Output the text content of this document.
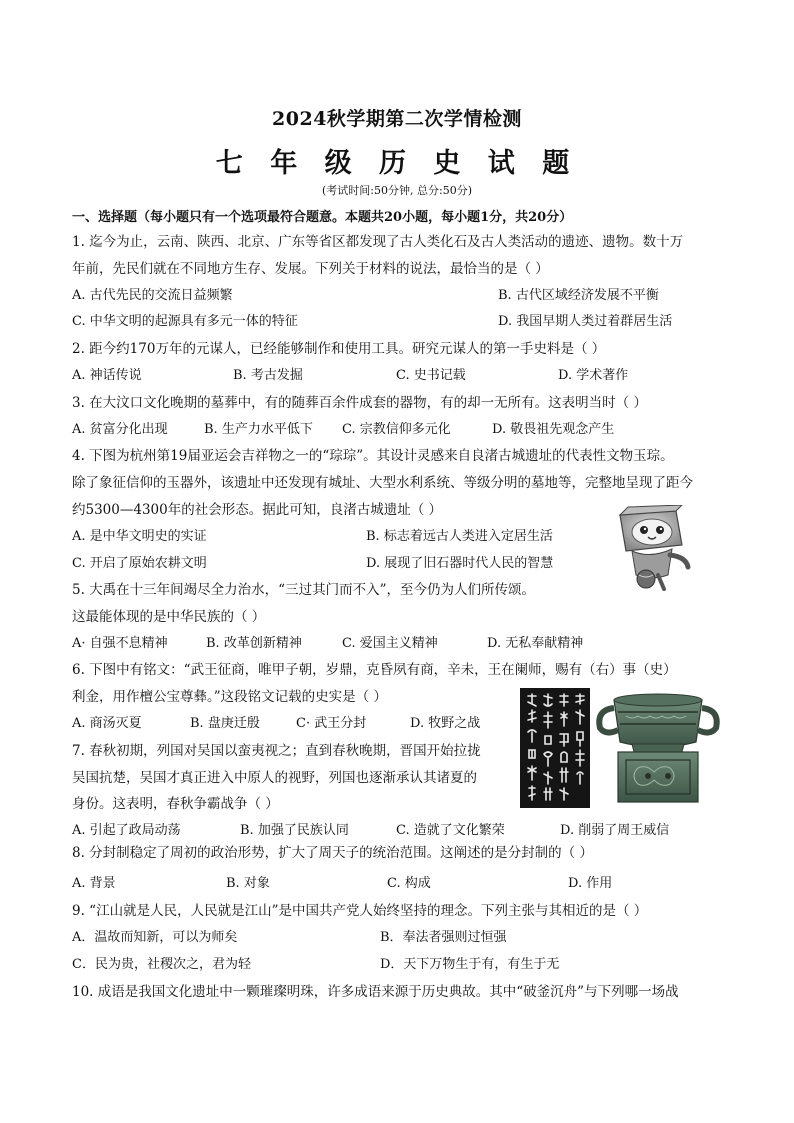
2024秋学期第二次学情检测
七 年 级 历 史 试 题
(考试时间:50分钟, 总分:50分)
一、选择题（每小题只有一个选项最符合题意。本题共20小题，每小题1分，共20分）
1. 迄今为止，云南、陕西、北京、广东等省区都发现了古人类化石及古人类活动的遗迹、遗物。数十万
年前，先民们就在不同地方生存、发展。下列关于材料的说法，最恰当的是（ ）
A. 古代先民的交流日益频繁	B. 古代区域经济发展不平衡
C. 中华文明的起源具有多元一体的特征	D. 我国早期人类过着群居生活
2. 距今约170万年的元谋人，已经能够制作和使用工具。研究元谋人的第一手史料是（ ）
A. 神话传说	B. 考古发掘	C. 史书记载	D. 学术著作
3. 在大汶口文化晚期的墓葬中，有的随葬百余件成套的器物，有的却一无所有。这表明当时（ ）
A. 贫富分化出现	B. 生产力水平低下 C. 宗教信仰多元化	D. 敬畏祖先观念产生
4. 下图为杭州第19届亚运会吉祥物之一的“琮琮”。其设计灵感来自良渚古城遗址的代表性文物玉琮。
除了象征信仰的玉器外，该遗址中还发现有城址、大型水利系统、等级分明的墓地等，完整地呈现了距今
约5300—4300年的社会形态。据此可知，良渚古城遗址（ ）
A. 是中华文明史的实证	B. 标志着远古人类进入定居生活
C. 开启了原始农耕文明	D. 展现了旧石器时代人民的智慧
5. 大禹在十三年间竭尽全力治水，“三过其门而不入”，至今仍为人们所传颂。
这最能体现的是中华民族的（ ）
A· 自强不息精神	B. 改革创新精神	C. 爱国主义精神	D. 无私奉献精神
6. 下图中有铭文：“武王征商，唯甲子朝，岁鼎，克昏夙有商，辛未，王在阑师，赐有（右）事（史）
利金，用作檀公宝尊彝。”这段铭文记载的史实是（ ）
A. 商汤灭夏	B. 盘庚迁殷	C· 武王分封	D. 牧野之战
7. 春秋初期，列国对吴国以蛮夷视之；直到春秋晚期，晋国开始拉拢
吴国抗楚，吴国才真正进入中原人的视野，列国也逐渐承认其诸夏的
身份。这表明，春秋争霸战争（ ）
A. 引起了政局动荡	B. 加强了民族认同	C. 造就了文化繁荣	D. 削弱了周王威信
8. 分封制稳定了周初的政治形势，扩大了周天子的统治范围。这阐述的是分封制的（ ）
A. 背景	B. 对象	C. 构成	D. 作用
9. “江山就是人民，人民就是江山”是中国共产党人始终坚持的理念。下列主张与其相近的是（ ）
A．温故而知新，可以为师矣	B．奉法者强则过恒强
C．民为贵，社稷次之，君为轻	D．天下万物生于有，有生于无
10. 成语是我国文化遗址中一颗璀璨明珠，许多成语来源于历史典故。其中“破釜沉舟”与下列哪一场战
